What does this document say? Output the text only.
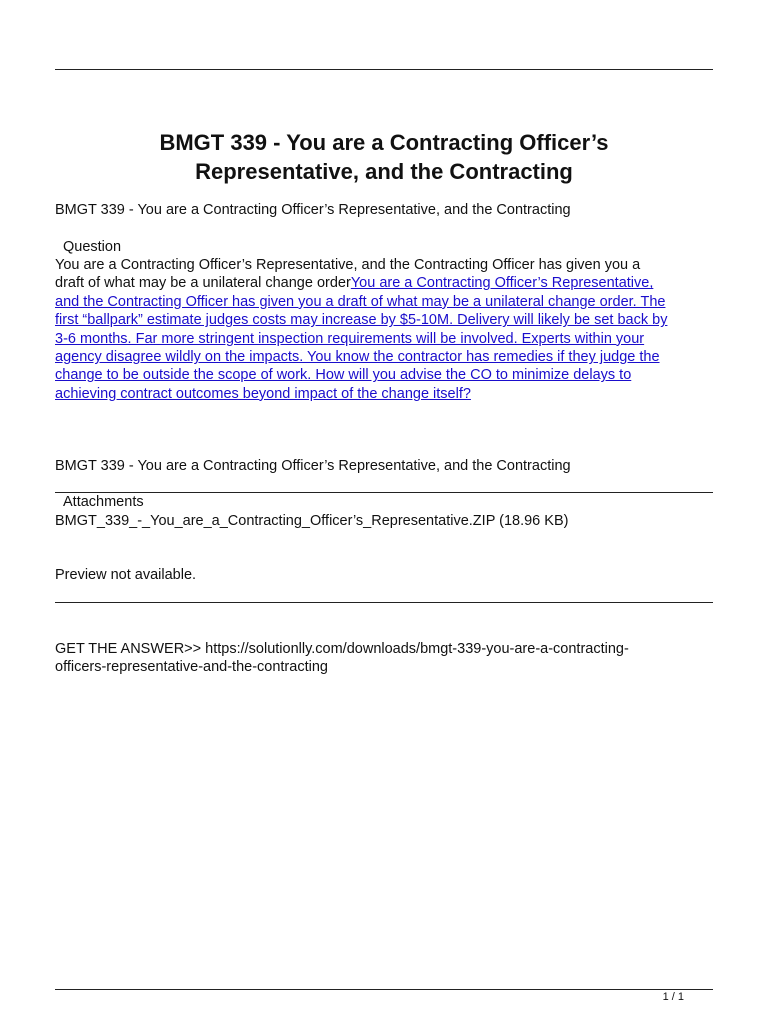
BMGT 339 - You are a Contracting Officer’s
Representative, and the Contracting
BMGT 339 - You are a Contracting Officer’s Representative, and the Contracting
Question
You are a Contracting Officer’s Representative, and the Contracting Officer has given you a
draft of what may be a unilateral change orderYou are a Contracting Officer’s Representative,
and the Contracting Officer has given you a draft of what may be a unilateral change order. The
first “ballpark” estimate judges costs may increase by $5-10M. Delivery will likely be set back by
3-6 months. Far more stringent inspection requirements will be involved. Experts within your
agency disagree wildly on the impacts. You know the contractor has remedies if they judge the
change to be outside the scope of work. How will you advise the CO to minimize delays to
achieving contract outcomes beyond impact of the change itself?
BMGT 339 - You are a Contracting Officer’s Representative, and the Contracting
Attachments
BMGT_339_-_You_are_a_Contracting_Officer’s_Representative.ZIP (18.96 KB)
Preview not available.
GET THE ANSWER>> https://solutionlly.com/downloads/bmgt-339-you-are-a-contracting-
officers-representative-and-the-contracting
1 / 1
